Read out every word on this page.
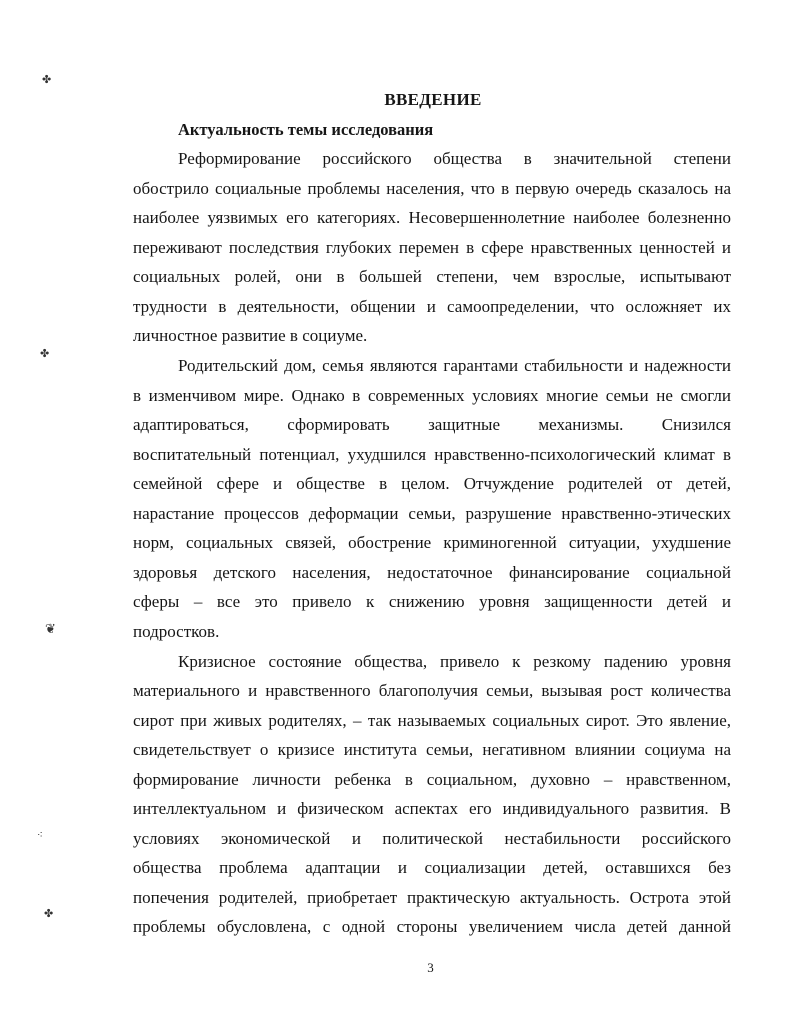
✤
✤
❦
⁖
✤
ВВЕДЕНИЕ
Актуальность темы исследования
Реформирование российского общества в значительной степени
обострило социальные проблемы населения, что в первую очередь сказалось на
наиболее уязвимых его категориях. Несовершеннолетние наиболее болезненно
переживают последствия глубоких перемен в сфере нравственных ценностей и
социальных ролей, они в большей степени, чем взрослые, испытывают
трудности в деятельности, общении и самоопределении, что осложняет их
личностное развитие в социуме.
Родительский дом, семья являются гарантами стабильности и надежности
в изменчивом мире. Однако в современных условиях многие семьи не смогли
адаптироваться, сформировать защитные механизмы. Снизился
воспитательный потенциал, ухудшился нравственно-психологический климат в
семейной сфере и обществе в целом. Отчуждение родителей от детей,
нарастание процессов деформации семьи, разрушение нравственно-этических
норм, социальных связей, обострение криминогенной ситуации, ухудшение
здоровья детского населения, недостаточное финансирование социальной
сферы – все это привело к снижению уровня защищенности детей и
подростков.
Кризисное состояние общества, привело к резкому падению уровня
материального и нравственного благополучия семьи, вызывая рост количества
сирот при живых родителях, – так называемых социальных сирот. Это явление,
свидетельствует о кризисе института семьи, негативном влиянии социума на
формирование личности ребенка в социальном, духовно – нравственном,
интеллектуальном и физическом аспектах его индивидуального развития. В
условиях экономической и политической нестабильности российского
общества проблема адаптации и социализации детей, оставшихся без
попечения родителей, приобретает практическую актуальность. Острота этой
проблемы обусловлена, с одной стороны увеличением числа детей данной
3
